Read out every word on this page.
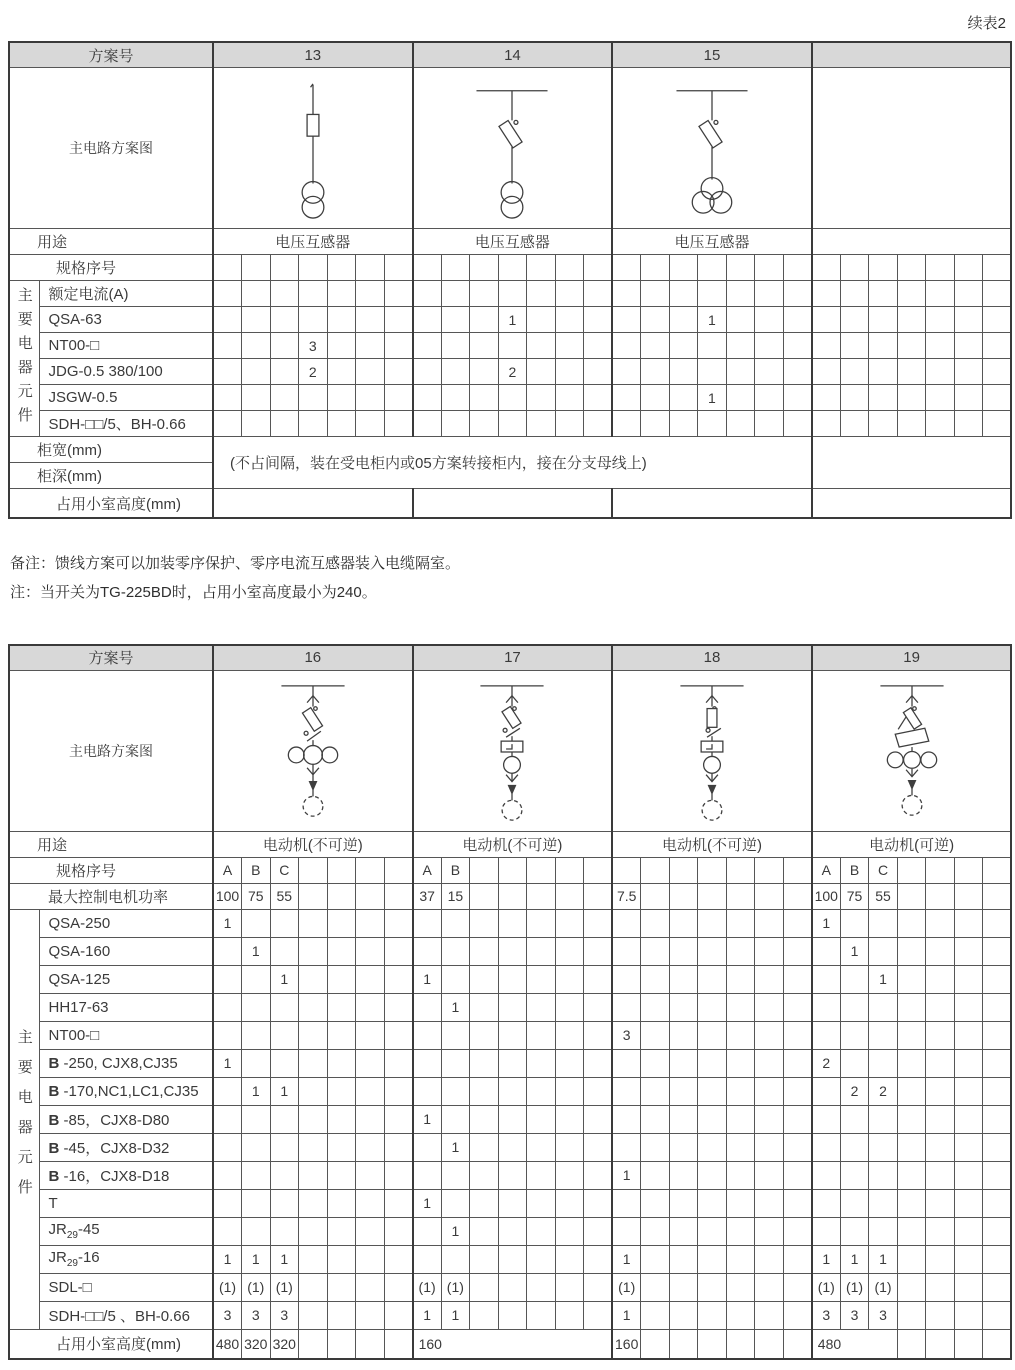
续表2
方案号		13							14							15													
主电路方案图	

用途		电压互感器							电压互感器							电压互感器													
规格序号																													
主要电器元件	额定电流(A)																												
	QSA-63											1							1										
	NT00-□				3																								
	JDG-0.5 380/100				2							2																	
	JSGW-0.5																		1										
	SDH-□□/5、BH-0.66																												
柜宽(mm)		(不占间隔，装在受电柜内或05方案转接柜内，接在分支母线上)																											
柜深(mm)																													
占用小室高度(mm)																													
备注：馈线方案可以加装零序保护、零序电流互感器装入电缆隔室。
注：当开关为TG-225BD时，占用小室高度最小为240。
方案号		16							17							18							19						
主电路方案图	

用途		电动机(不可逆)							电动机(不可逆)							电动机(不可逆)							电动机(可逆)						
规格序号		A	B	C					A	B													A	B	C				
最大控制电机功率		100	75	55					37	15						7.5							100	75	55				
主要电器元件	QSA-250	1																					1						
	QSA-160		1																					1					
	QSA-125			1					1																1				
	HH17-63									1																			
	NT00-□															3													
	B -250, CJX8,CJ35	1																					2						
	B -170,NC1,LC1,CJ35		1	1																				2	2				
	B -85，CJX8-D80								1																				
	B -45，CJX8-D32									1																			
	B -16，CJX8-D18															1													
	T								1																				
	$JR_{29}-45$									1																			
	$JR_{29}-16$	1	1	1												1							1	1	1				
	SDL-□	(1)	(1)	(1)					(1)	(1)						(1)							(1)	(1)	(1)				
	SDH-□□/5 、BH-0.66	3	3	3					1	1						1							3	3	3				
占用小室高度(mm)		480	320	320					160							160							480						
